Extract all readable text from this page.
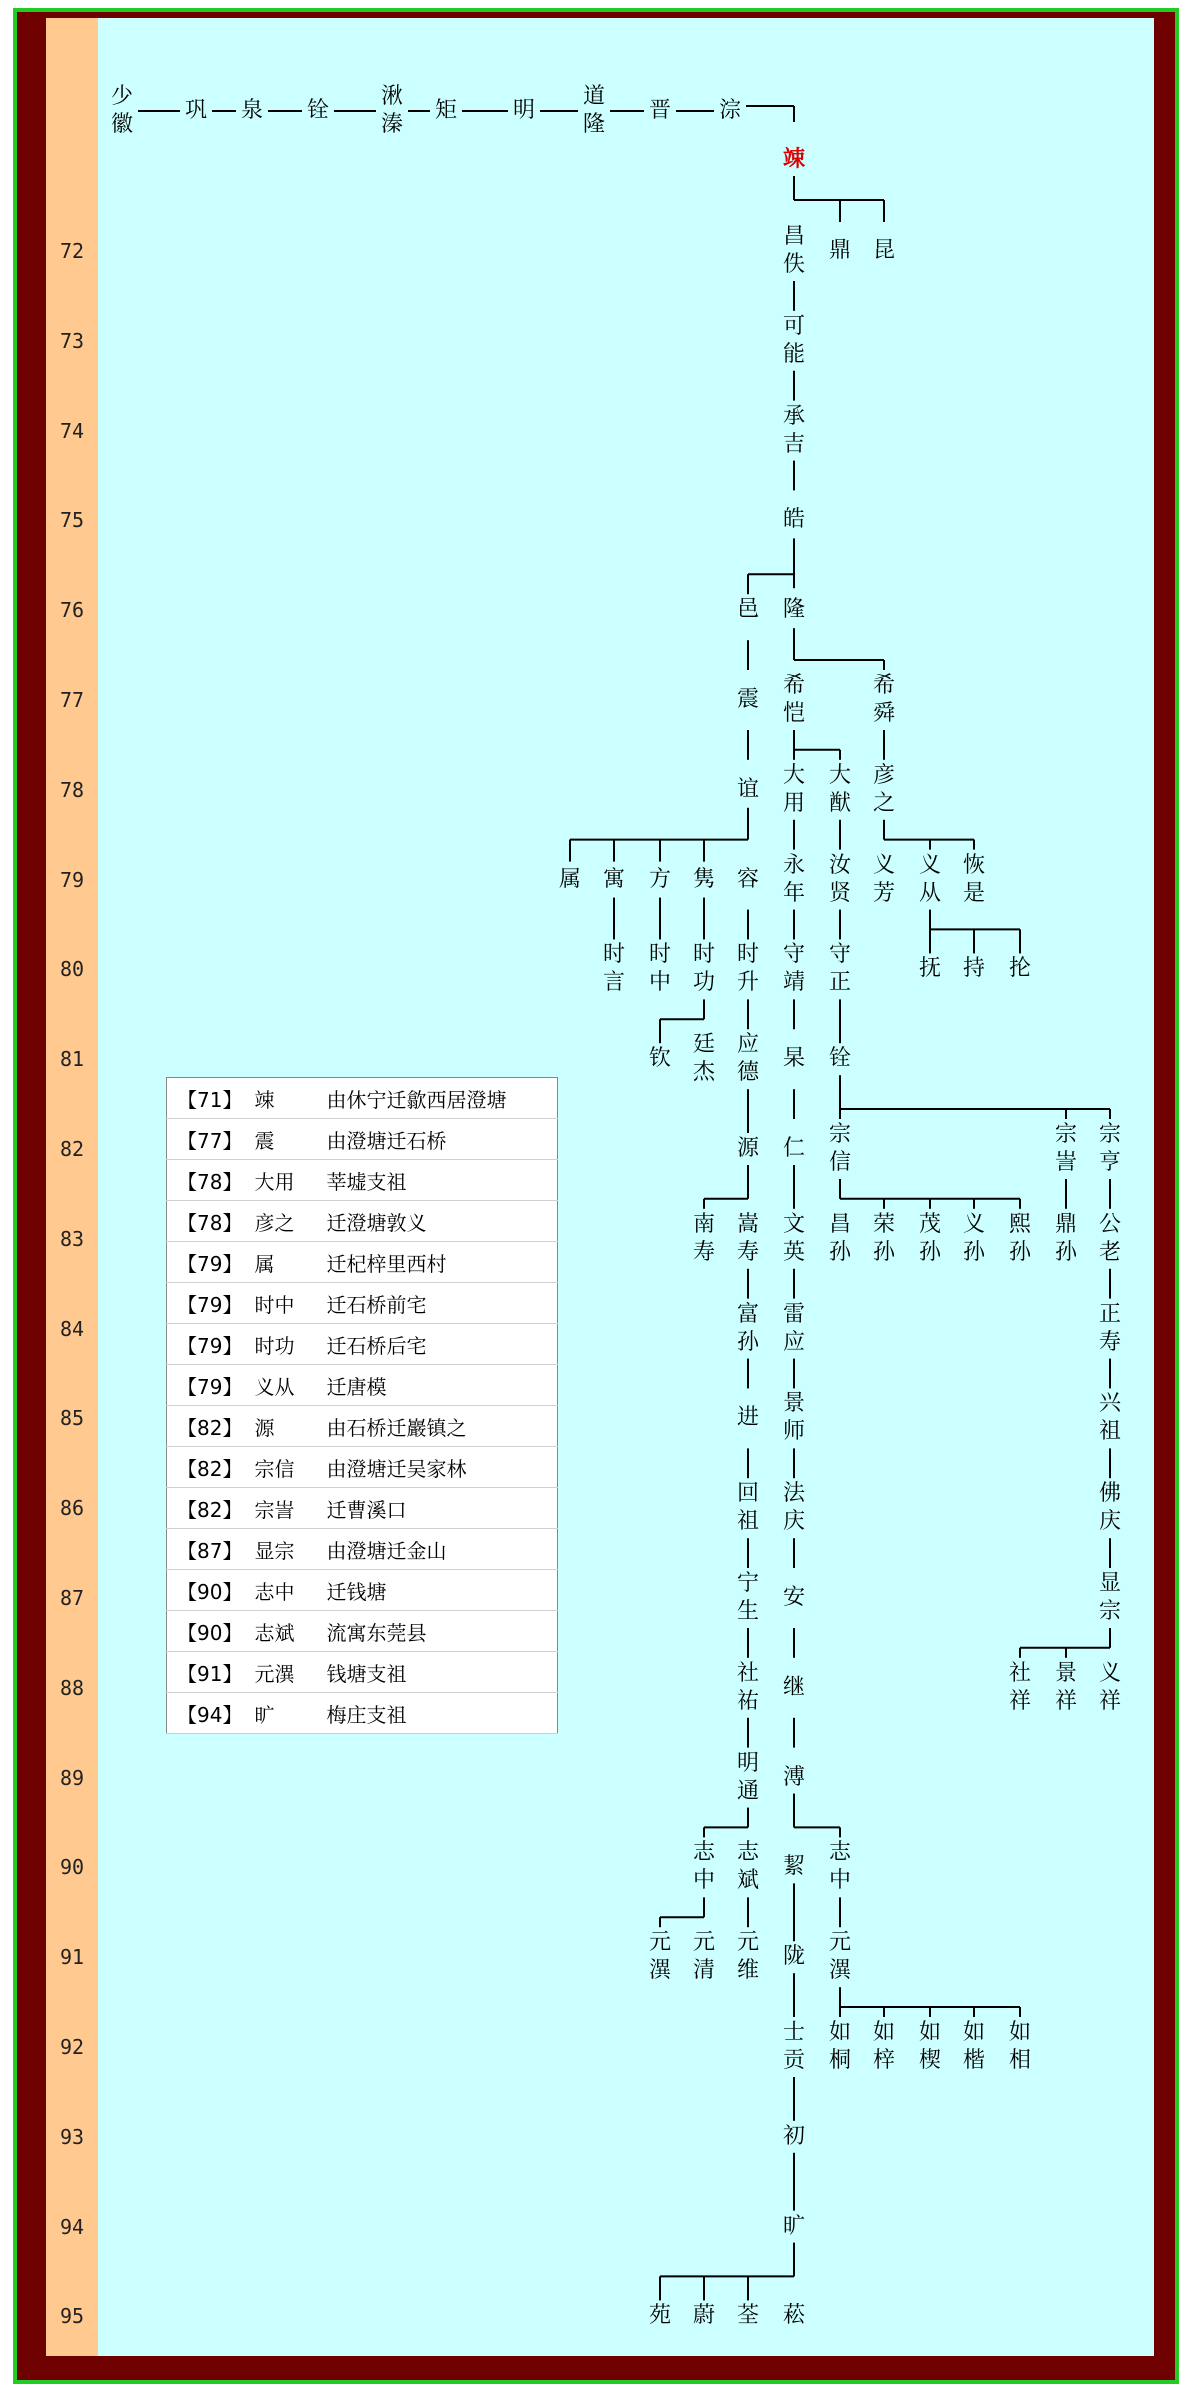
72
73
74
75
76
77
78
79
80
81
82
83
84
85
86
87
88
89
90
91
92
93
94
95
少
徽
巩 泉 铨
湫
溱
矩	明
道
隆
晋 淙
竦
昌
佚
鼎 昆
可
能
承
吉
皓
邑 隆
震
希
恺
希
舜
谊
大
用
大
猷
彦
之
属 寓 方 隽 容
永
年
汝
贤
义
芳
义
从
恢
是
时
言
时
中
时
功
时
升
守
靖
守
正
抚 持 抡
钦
廷
杰
应
德
杲 铨
源 仁
宗
信
宗
訔
宗
亨
南
寿
嵩
寿
文
英
昌
孙
荣
孙
茂
孙
义
孙
熙
孙
鼎
孙
公
老
富
孙
雷
应
正
寿
进
景
师
兴
祖
回
祖
法
庆
佛
庆
宁
生
安
显
宗
社
祐
继
社
祥
景
祥
义
祥
明
通
溥
志
中
志
斌
絜
志
中
元
潩
元
清
元
维
陇
元
潩
士
贡
如
桐
如
梓
如
楔
如
楷
如
相
初
旷
苑 蔚 荃 菘
【71】	竦	由休宁迁歙西居澄塘
【77】	震	由澄塘迁石桥
【78】	大用	莘墟支祖
【78】	彦之	迁澄塘敦义
【79】	属	迁杞梓里西村
【79】	时中	迁石桥前宅
【79】	时功	迁石桥后宅
【79】	义从	迁唐模
【82】	源	由石桥迁巖镇之
【82】	宗信	由澄塘迁吴家林
【82】	宗訔	迁曹溪口
【87】	显宗	由澄塘迁金山
【90】	志中	迁钱塘
【90】	志斌	流寓东莞县
【91】	元潩	钱塘支祖
【94】	旷	梅庄支祖
